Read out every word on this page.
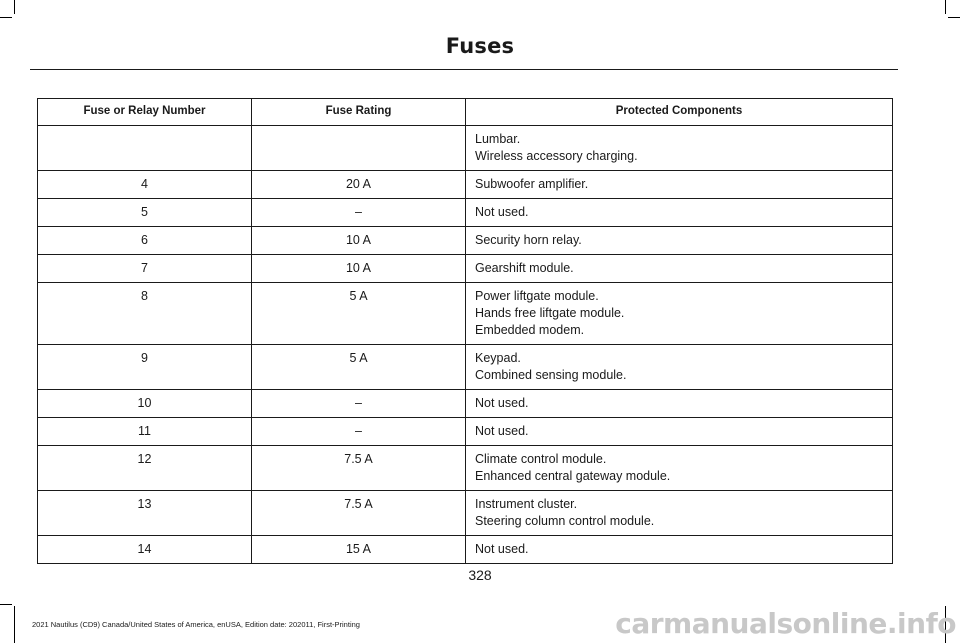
Fuses
Fuse or Relay Number	Fuse Rating	Protected Components

		Lumbar.
Wireless accessory charging.

4	20 A	Subwoofer amplifier.

5	–	Not used.

6	10 A	Security horn relay.

7	10 A	Gearshift module.

8	5 A	Power liftgate module.
Hands free liftgate module.
Embedded modem.

9	5 A	Keypad.
Combined sensing module.

10	–	Not used.

11	–	Not used.

12	7.5 A	Climate control module.
Enhanced central gateway module.

13	7.5 A	Instrument cluster.
Steering column control module.

14	15 A	Not used.
328
2021 Nautilus (CD9) Canada/United States of America, enUSA, Edition date: 202011, First-Printing	carmanualsonline.info
